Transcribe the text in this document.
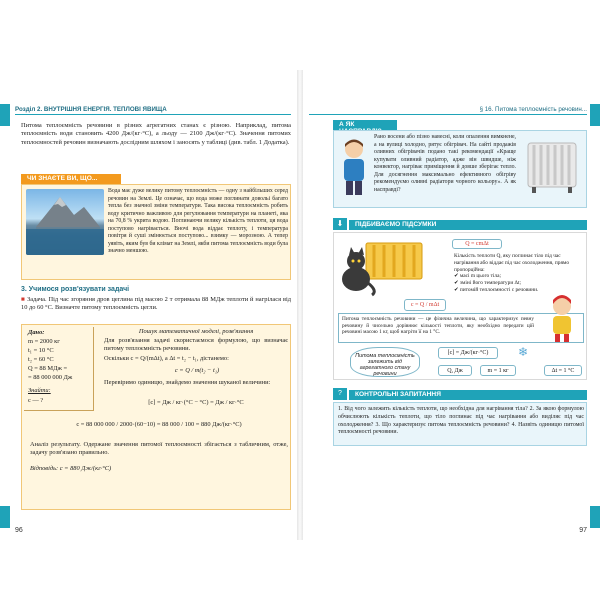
Розділ 2. ВНУТРІШНЯ ЕНЕРГІЯ. ТЕПЛОВІ ЯВИЩА
Питома теплоємність речовини в різних агрегатних станах є різною. Наприклад, питома теплоємність води становить 4200 Дж/(кг·°С), а льоду — 2100 Дж/(кг·°С). Значення питомих теплоємностей речовин визначають дослідним шляхом і заносять у таблиці (див. табл. 1 Додатка).
ЧИ ЗНАЄТЕ ВИ, ЩО...
Вода має дуже велику питому теплоємність — одну з найбільших серед речовин на Землі. Це означає, що вода може поглинати довольі багато тепла без значної зміни температури. Така висока теплоємність робить воду критично важливою для регулювання температури на планеті, яка на 70,8 % укрита водою. Поглинаючи велику кількість теплоти, ця вода поступово нагрівається. Вночі вода віддає теплоту, і температура повітря й суші змінюється поступово... взимку — морозною. А тепер уявіть, яким був би клімат на Землі, якби питома теплоємність води була значно меншою.
3. Учимося розв'язувати задачі
■ Задача. Під час згоряння дров цеглина під масою 2 т отримала 88 МДж теплоти й нагрілася від 10 до 60 °С. Визначте питому теплоємність цегли.
Дано:
m = 2000 кг
t₁ = 10 °С
t₂ = 60 °С
Q = 88 МДж =
= 88 000 000 Дж
Знайти:
c — ?
Пошук математичної моделі, розв'язання
Для розв'язання задачі скористаємося формулою, що визначає питому теплоємність речовини.
Оскільки c = Q/(mΔt), а Δt = t₂ − t₁, дістанемо:
c = Q / m(t₂ − t₁)
Перевіримо одиницю, знайдемо значення шуканої величини:
[c] = Дж / кг·(°С − °С) = Дж / кг·°С
c = 88 000 000 / 2000·(60−10) = 88 000 / 100 = 880 Дж/(кг·°С)
Аналіз результату. Одержане значення питомої теплоємності збігається з табличним, отже, задачу розв'язано правильно.
Відповідь: c = 880 Дж/(кг·°С)
96
§ 16. Питома теплоємність речовин...
А ЯК
Рано восени або пізно навесні, коли опалення вимкнене, а на вулиці холодно, рятує обігрівач. На сайті продажів оливних обігрівачів подано такі рекомендації «Краще купувати оливний радіатор, адже він швидше, ніж конвектор, нагріває приміщення й довше зберігає тепло. Для досягнення максимально ефективного обігріву рекомендуємо оливні радіатори чорного кольору». А як насправді?
⬇	ПІДБИВАЄМО ПІДСУМКИ
Q = cmΔt
Кількість теплоти Q, яку поглинає тіло під час нагрівання або віддає під час охолодження, прямо пропорційна:
✔ масі m цього тіла;
✔ зміні його температури Δt;
✔ питомій теплоємності c речовини.
c = Q / mΔt
Питома теплоємність речовини — це фізична величина, що характеризує певну речовину й чисельно дорівнює кількості теплоти, яку необхідно передати цій речовині масою 1 кг, щоб нагріти її на 1 °С.
Питома теплоємність залежить від агрегатного стану речовини
[c] = Дж/(кг·°С)	❄
Q, Дж	m = 1 кг	Δt = 1 °С
?	КОНТРОЛЬНІ ЗАПИТАННЯ
1. Від чого залежить кількість теплоти, що необхідна для нагрівання тіла? 2. За якою формулою обчислюють кількість теплоти, що тіло поглинає під час нагрівання або виділяє під час охолодження? 3. Що характеризує питома теплоємність речовини? 4. Назвіть одиницю питомої теплоємності речовини.
97
